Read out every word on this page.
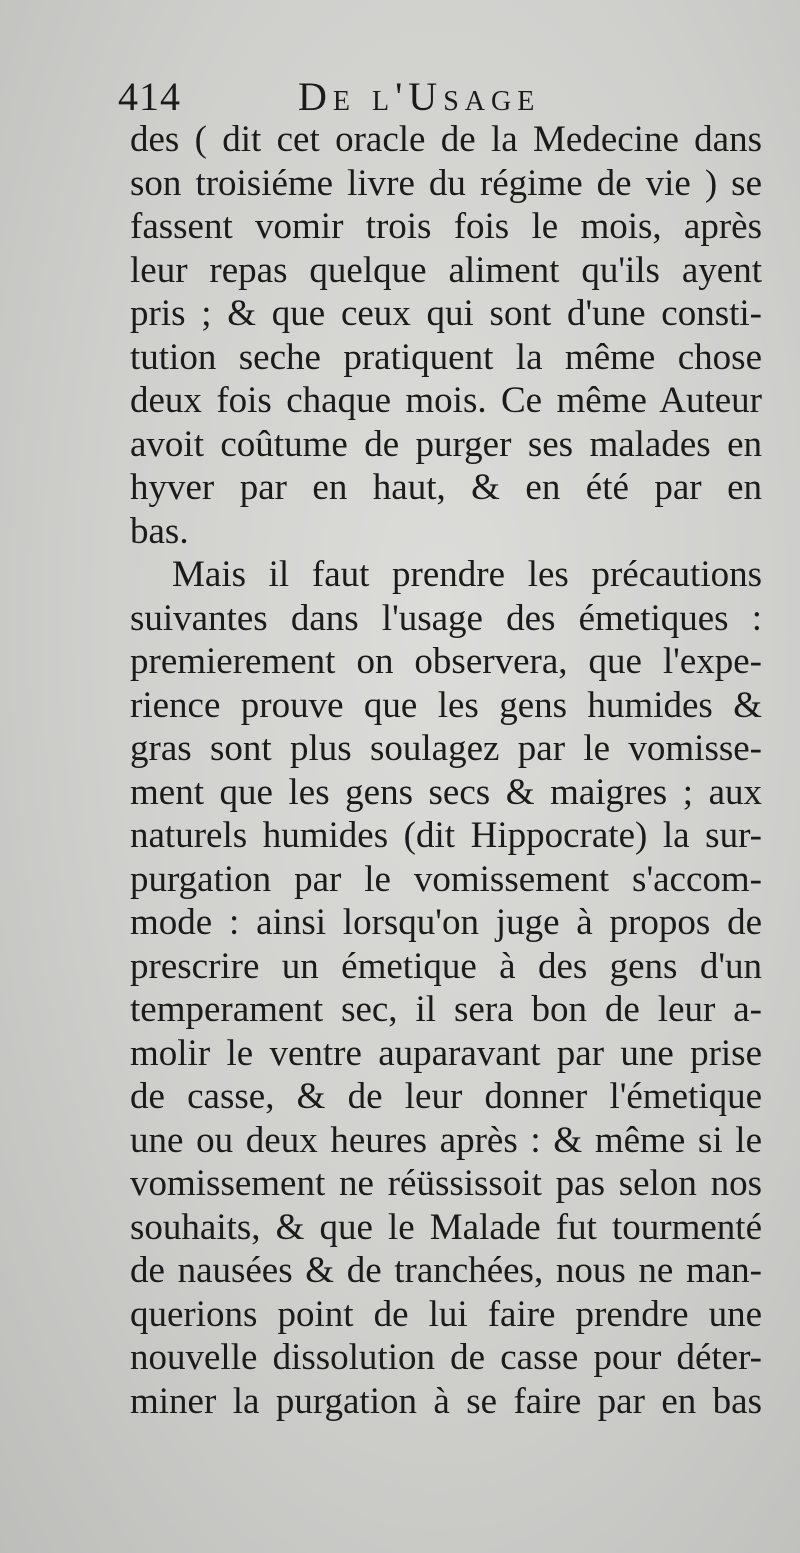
414	De l'Usage
des ( dit cet oracle de la Medecine dans
son troisiéme livre du régime de vie ) se
fassent vomir trois fois le mois, après
leur repas quelque aliment qu'ils ayent
pris ; & que ceux qui sont d'une consti-
tution seche pratiquent la même chose
deux fois chaque mois. Ce même Auteur
avoit coûtume de purger ses malades en
hyver par en haut, & en été par en
bas.
Mais il faut prendre les précautions
suivantes dans l'usage des émetiques :
premierement on observera, que l'expe-
rience prouve que les gens humides &
gras sont plus soulagez par le vomisse-
ment que les gens secs & maigres ; aux
naturels humides (dit Hippocrate) la sur-
purgation par le vomissement s'accom-
mode : ainsi lorsqu'on juge à propos de
prescrire un émetique à des gens d'un
temperament sec, il sera bon de leur a-
molir le ventre auparavant par une prise
de casse, & de leur donner l'émetique
une ou deux heures après : & même si le
vomissement ne réüssissoit pas selon nos
souhaits, & que le Malade fut tourmenté
de nausées & de tranchées, nous ne man-
querions point de lui faire prendre une
nouvelle dissolution de casse pour déter-
miner la purgation à se faire par en bas
